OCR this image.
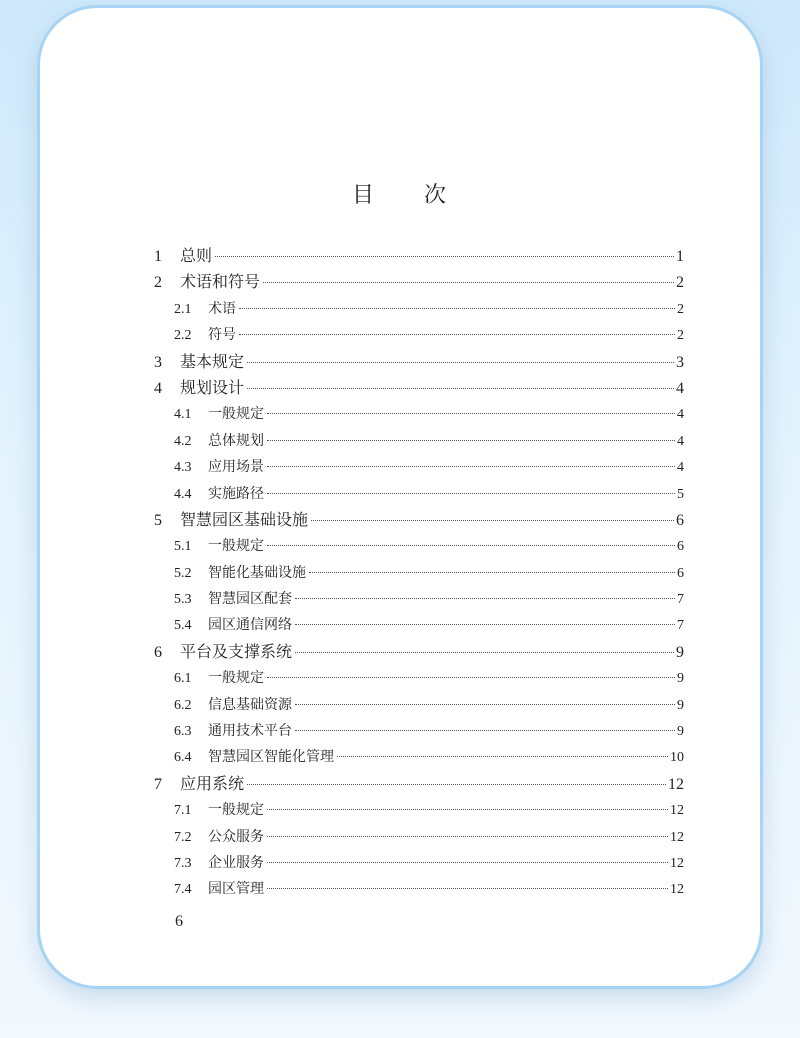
目 次
1	总则	1
2	术语和符号	2
2.1	术语	2
2.2	符号	2
3	基本规定	3
4	规划设计	4
4.1	一般规定	4
4.2	总体规划	4
4.3	应用场景	4
4.4	实施路径	5
5	智慧园区基础设施	6
5.1	一般规定	6
5.2	智能化基础设施	6
5.3	智慧园区配套	7
5.4	园区通信网络	7
6	平台及支撑系统	9
6.1	一般规定	9
6.2	信息基础资源	9
6.3	通用技术平台	9
6.4	智慧园区智能化管理	10
7	应用系统	12
7.1	一般规定	12
7.2	公众服务	12
7.3	企业服务	12
7.4	园区管理	12
6
